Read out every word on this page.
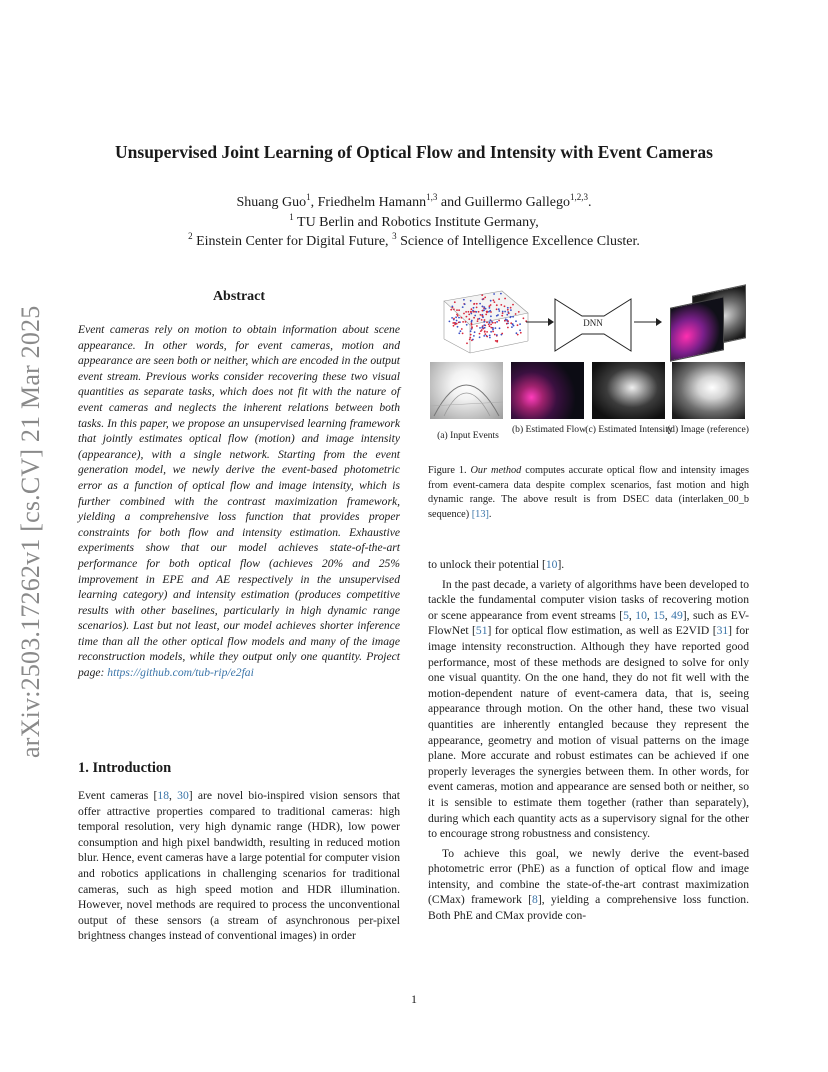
arXiv:2503.17262v1 [cs.CV] 21 Mar 2025
Unsupervised Joint Learning of Optical Flow and Intensity with Event Cameras
Shuang Guo$^1$, Friedhelm Hamann$^{1,3}$ and Guillermo Gallego$^{1,2,3}$.
$^1$ TU Berlin and Robotics Institute Germany,
$^2$ Einstein Center for Digital Future, $^3$ Science of Intelligence Excellence Cluster.
Abstract
Event cameras rely on motion to obtain information about scene appearance. In other words, for event cameras, motion and appearance are seen both or neither, which are encoded in the output event stream. Previous works consider recovering these two visual quantities as separate tasks, which does not fit with the nature of event cameras and neglects the inherent relations between both tasks. In this paper, we propose an unsupervised learning framework that jointly estimates optical flow (motion) and image intensity (appearance), with a single network. Starting from the event generation model, we newly derive the event-based photometric error as a function of optical flow and image intensity, which is further combined with the contrast maximization framework, yielding a comprehensive loss function that provides proper constraints for both flow and intensity estimation. Exhaustive experiments show that our model achieves state-of-the-art performance for both optical flow (achieves 20% and 25% improvement in EPE and AE respectively in the unsupervised learning category) and intensity estimation (produces competitive results with other baselines, particularly in high dynamic range scenarios). Last but not least, our model achieves shorter inference time than all the other optical flow models and many of the image reconstruction models, while they output only one quantity. Project page: https://github.com/tub-rip/e2fai
1. Introduction
Event cameras [18, 30] are novel bio-inspired vision sensors that offer attractive properties compared to traditional cameras: high temporal resolution, very high dynamic range (HDR), low power consumption and high pixel bandwidth, resulting in reduced motion blur. Hence, event cameras have a large potential for computer vision and robotics applications in challenging scenarios for traditional cameras, such as high speed motion and HDR illumination. However, novel methods are required to process the unconventional output of these sensors (a stream of asynchronous per-pixel brightness changes instead of conventional images) in order
DNN
(a) Input Events
(b) Estimated Flow (c) Estimated Intensity
(d) Image (reference)
Figure 1. Our method computes accurate optical flow and intensity images from event-camera data despite complex scenarios, fast motion and high dynamic range. The above result is from DSEC data (interlaken_00_b sequence) [13].

to unlock their potential [10].

In the past decade, a variety of algorithms have been developed to tackle the fundamental computer vision tasks of recovering motion or scene appearance from event streams [5, 10, 15, 49], such as EV-FlowNet [51] for optical flow estimation, as well as E2VID [31] for image intensity reconstruction. Although they have reported good performance, most of these methods are designed to solve for only one visual quantity. On the one hand, they do not fit well with the motion-dependent nature of event-camera data, that is, seeing appearance through motion. On the other hand, these two visual quantities are inherently entangled because they represent the appearance, geometry and motion of visual patterns on the image plane. More accurate and robust estimates can be achieved if one properly leverages the synergies between them. In other words, for event cameras, motion and appearance are sensed both or neither, so it is sensible to estimate them together (rather than separately), during which each quantity acts as a supervisory signal for the other to encourage strong robustness and consistency.

To achieve this goal, we newly derive the event-based photometric error (PhE) as a function of optical flow and image intensity, and combine the state-of-the-art contrast maximization (CMax) framework [8], yielding a comprehensive loss function. Both PhE and CMax provide con-

1
